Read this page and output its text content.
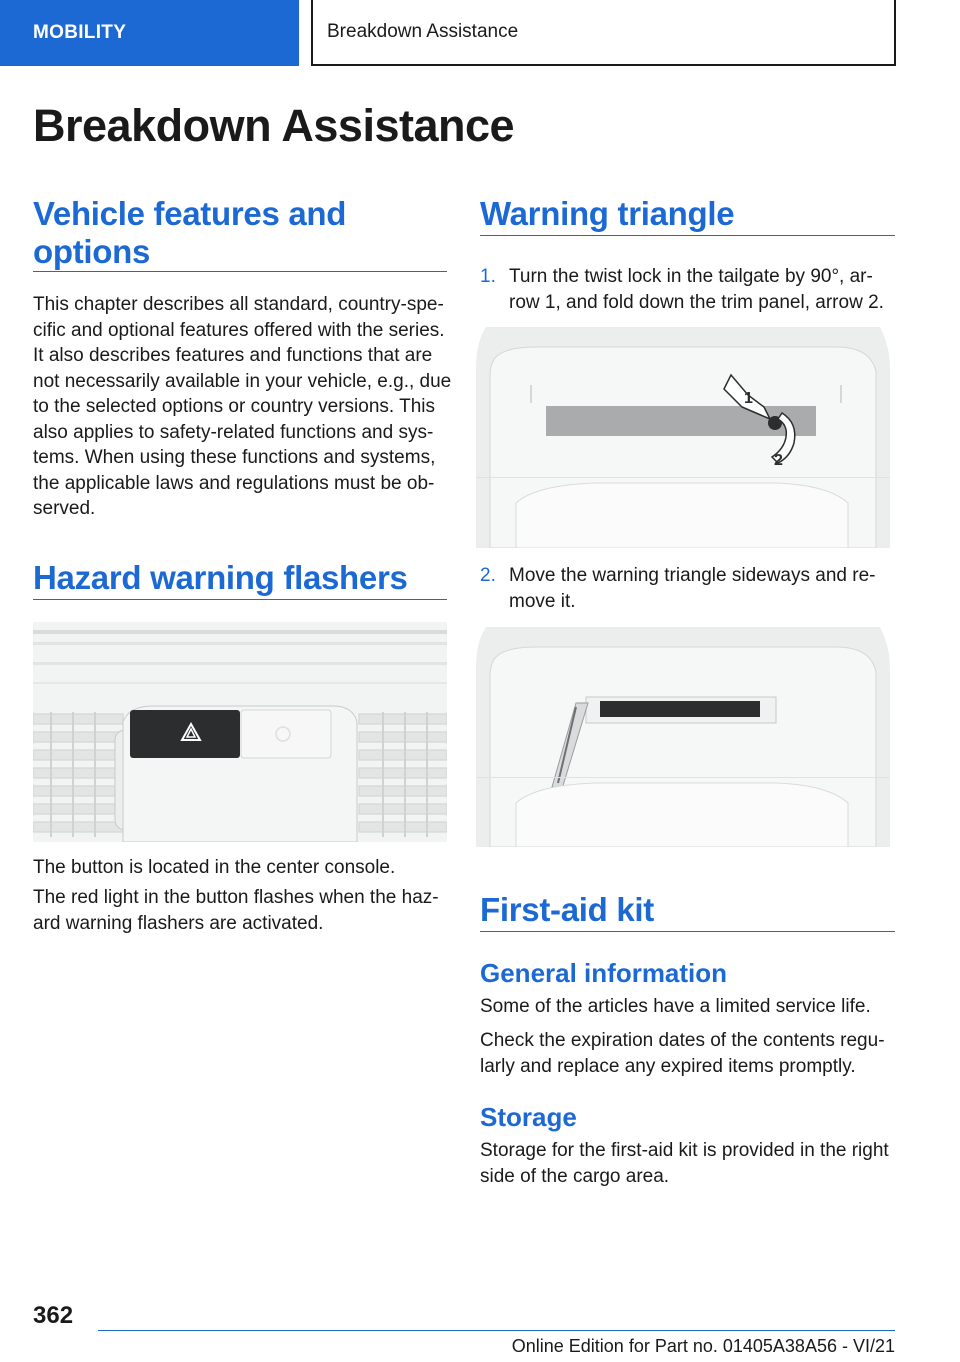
MOBILITY	Breakdown Assistance
Breakdown Assistance
Vehicle features and
options
This chapter describes all standard, country-spe‐
cific and optional features offered with the series.
It also describes features and functions that are
not necessarily available in your vehicle, e.g., due
to the selected options or country versions. This
also applies to safety-related functions and sys‐
tems. When using these functions and systems,
the applicable laws and regulations must be ob‐
served.
Hazard warning flashers
The button is located in the center console.
The red light in the button flashes when the haz‐
ard warning flashers are activated.
Warning triangle
1. Turn the twist lock in the tailgate by 90°, ar‐
row 1, and fold down the trim panel, arrow 2.
1
2
2. Move the warning triangle sideways and re‐
move it.
First-aid kit
General information
Some of the articles have a limited service life.
Check the expiration dates of the contents regu‐
larly and replace any expired items promptly.
Storage
Storage for the first-aid kit is provided in the right
side of the cargo area.
362
Online Edition for Part no. 01405A38A56 - VI/21
